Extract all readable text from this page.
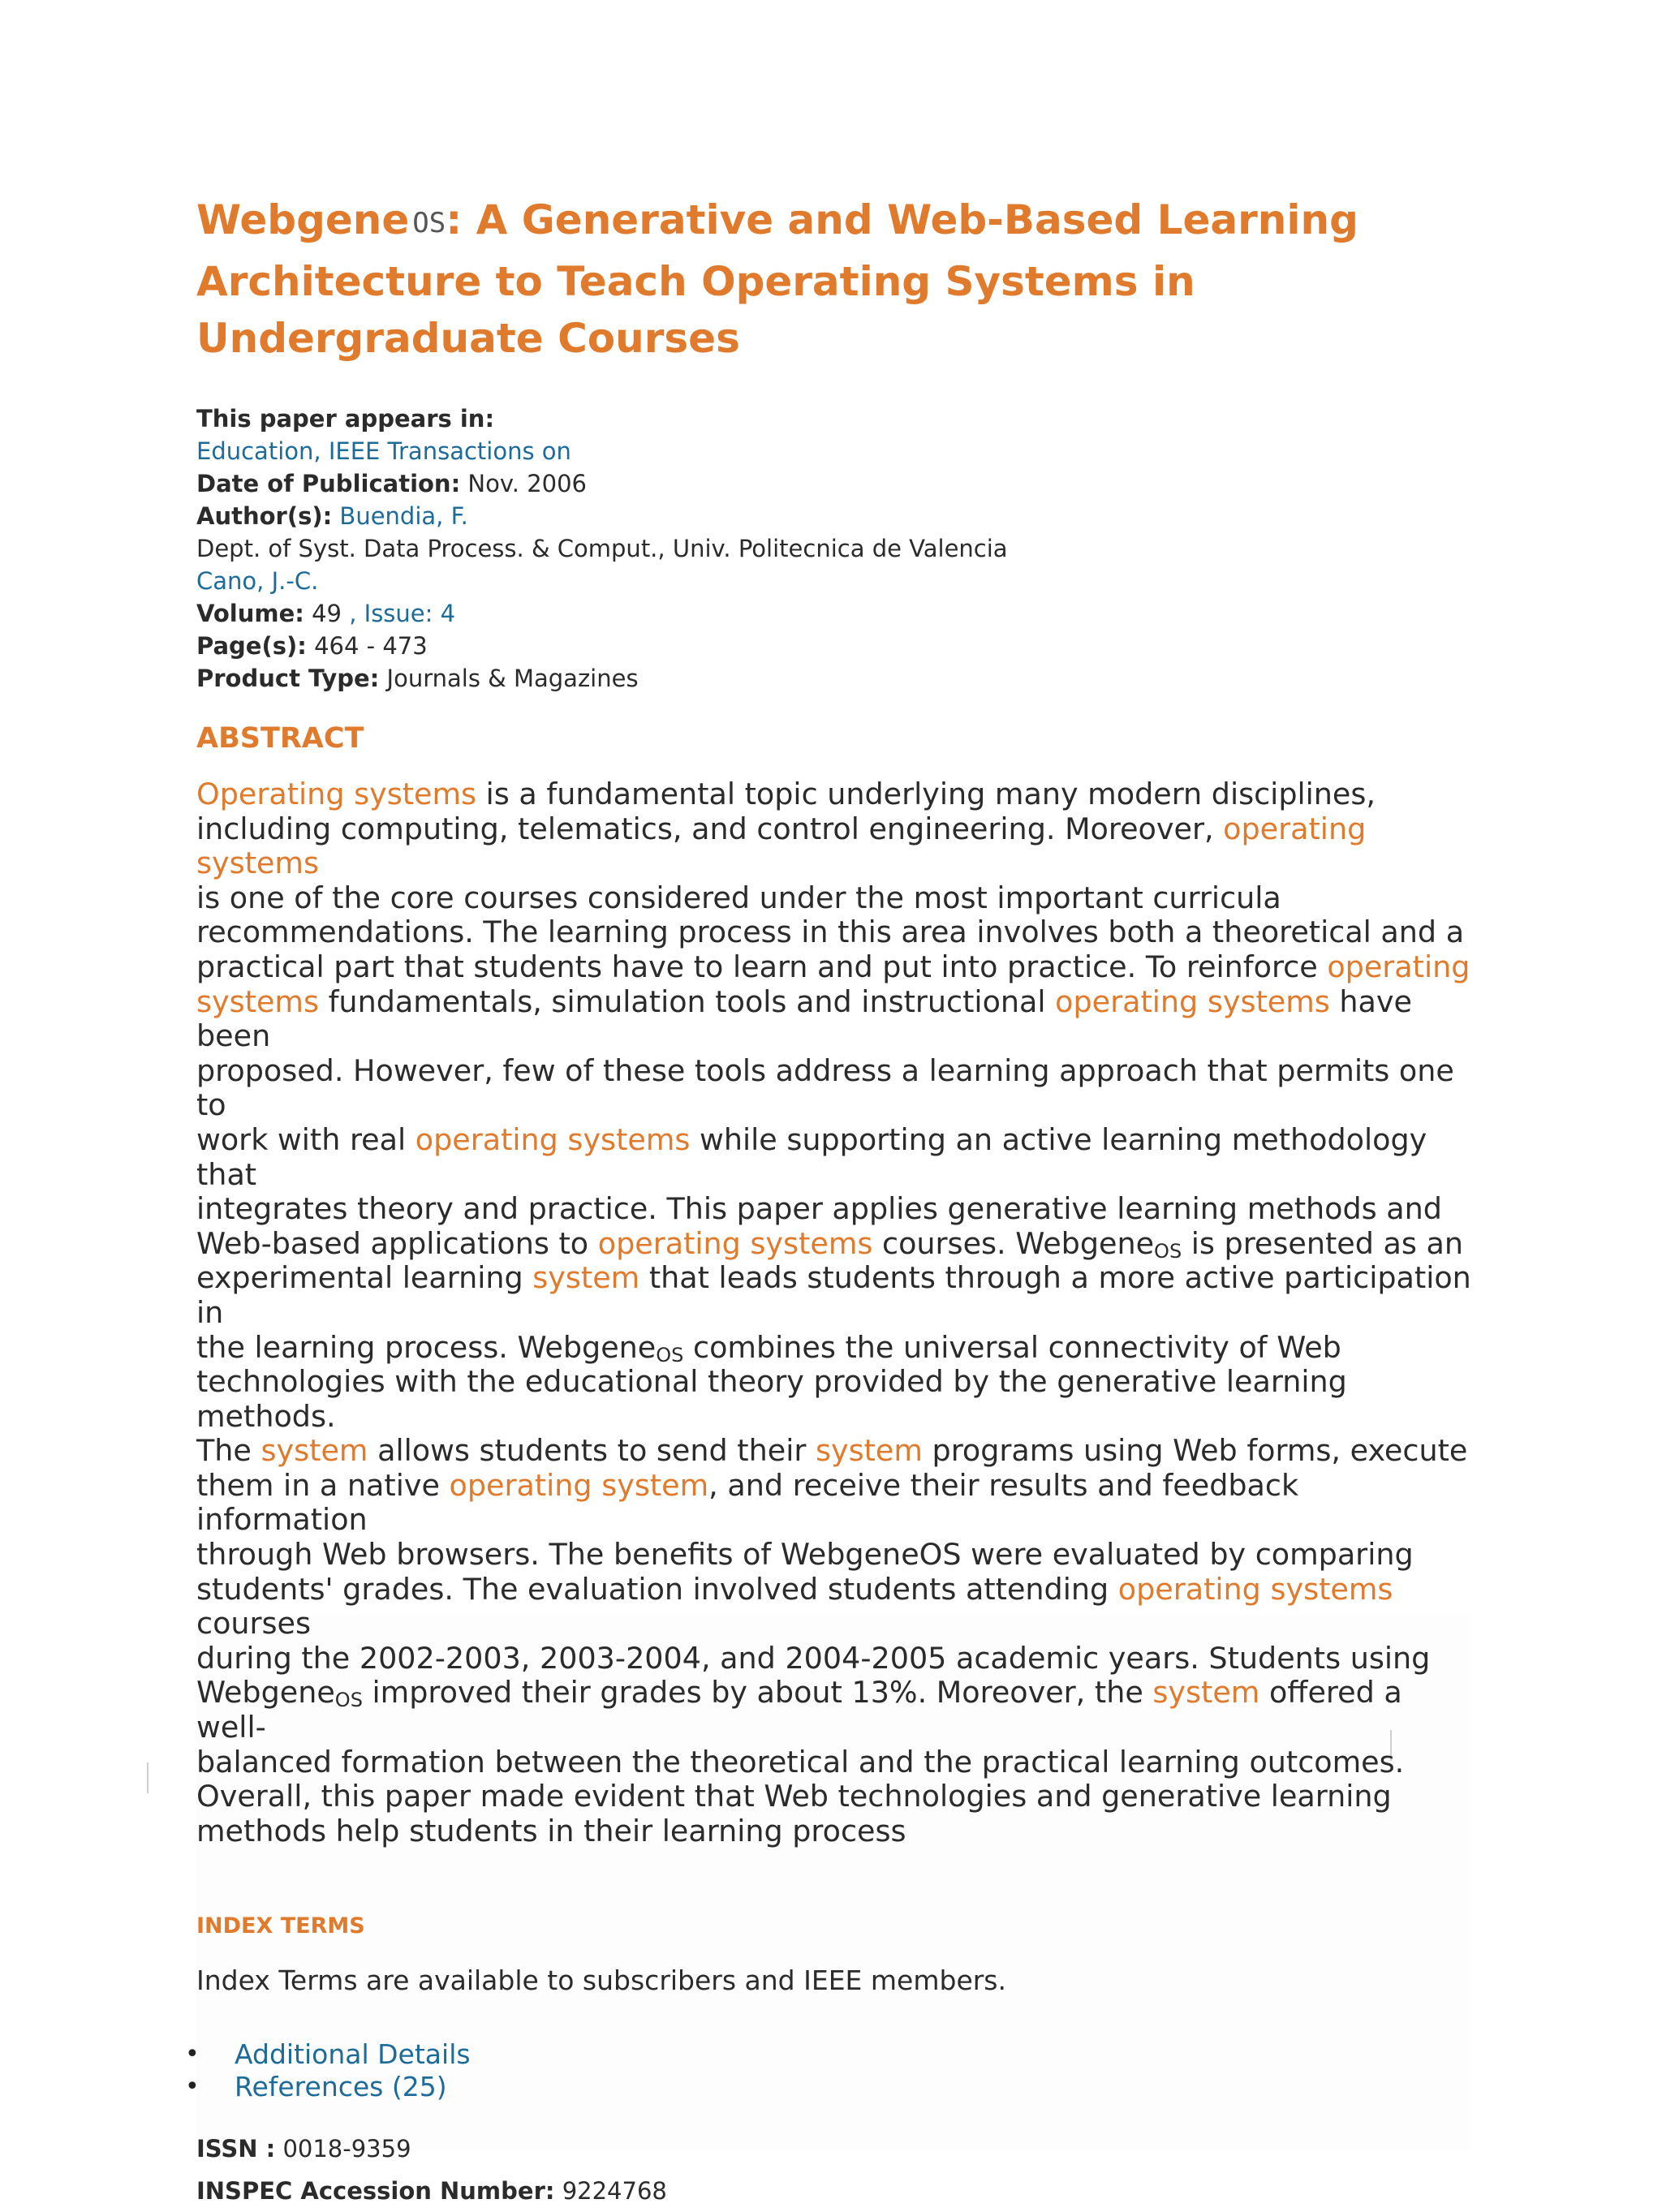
Webgene OS: A Generative and Web-Based Learning
Architecture to Teach Operating Systems in
Undergraduate Courses
This paper appears in:
Education, IEEE Transactions on
Date of Publication: Nov. 2006
Author(s): Buendia, F.
Dept. of Syst. Data Process. & Comput., Univ. Politecnica de Valencia
Cano, J.-C.
Volume: 49 , Issue: 4
Page(s): 464 - 473
Product Type: Journals & Magazines
ABSTRACT

Operating systems is a fundamental topic underlying many modern disciplines,
including computing, telematics, and control engineering. Moreover, operating systems
is one of the core courses considered under the most important curricula
recommendations. The learning process in this area involves both a theoretical and a
practical part that students have to learn and put into practice. To reinforce operating
systems fundamentals, simulation tools and instructional operating systems have been
proposed. However, few of these tools address a learning approach that permits one to
work with real operating systems while supporting an active learning methodology that
integrates theory and practice. This paper applies generative learning methods and
Web-based applications to operating systems courses. Webgene$_{OS}$ is presented as an
experimental learning system that leads students through a more active participation in
the learning process. Webgene$_{OS}$ combines the universal connectivity of Web
technologies with the educational theory provided by the generative learning methods.
The system allows students to send their system programs using Web forms, execute
them in a native operating system, and receive their results and feedback information
through Web browsers. The benefits of WebgeneOS were evaluated by comparing
students' grades. The evaluation involved students attending operating systems courses
during the 2002-2003, 2003-2004, and 2004-2005 academic years. Students using
Webgene$_{OS}$ improved their grades by about 13%. Moreover, the system offered a well-
balanced formation between the theoretical and the practical learning outcomes.
Overall, this paper made evident that Web technologies and generative learning
methods help students in their learning process

INDEX TERMS
Index Terms are available to subscribers and IEEE members.
• Additional Details
• References (25)
ISSN : 0018-9359
INSPEC Accession Number: 9224768
